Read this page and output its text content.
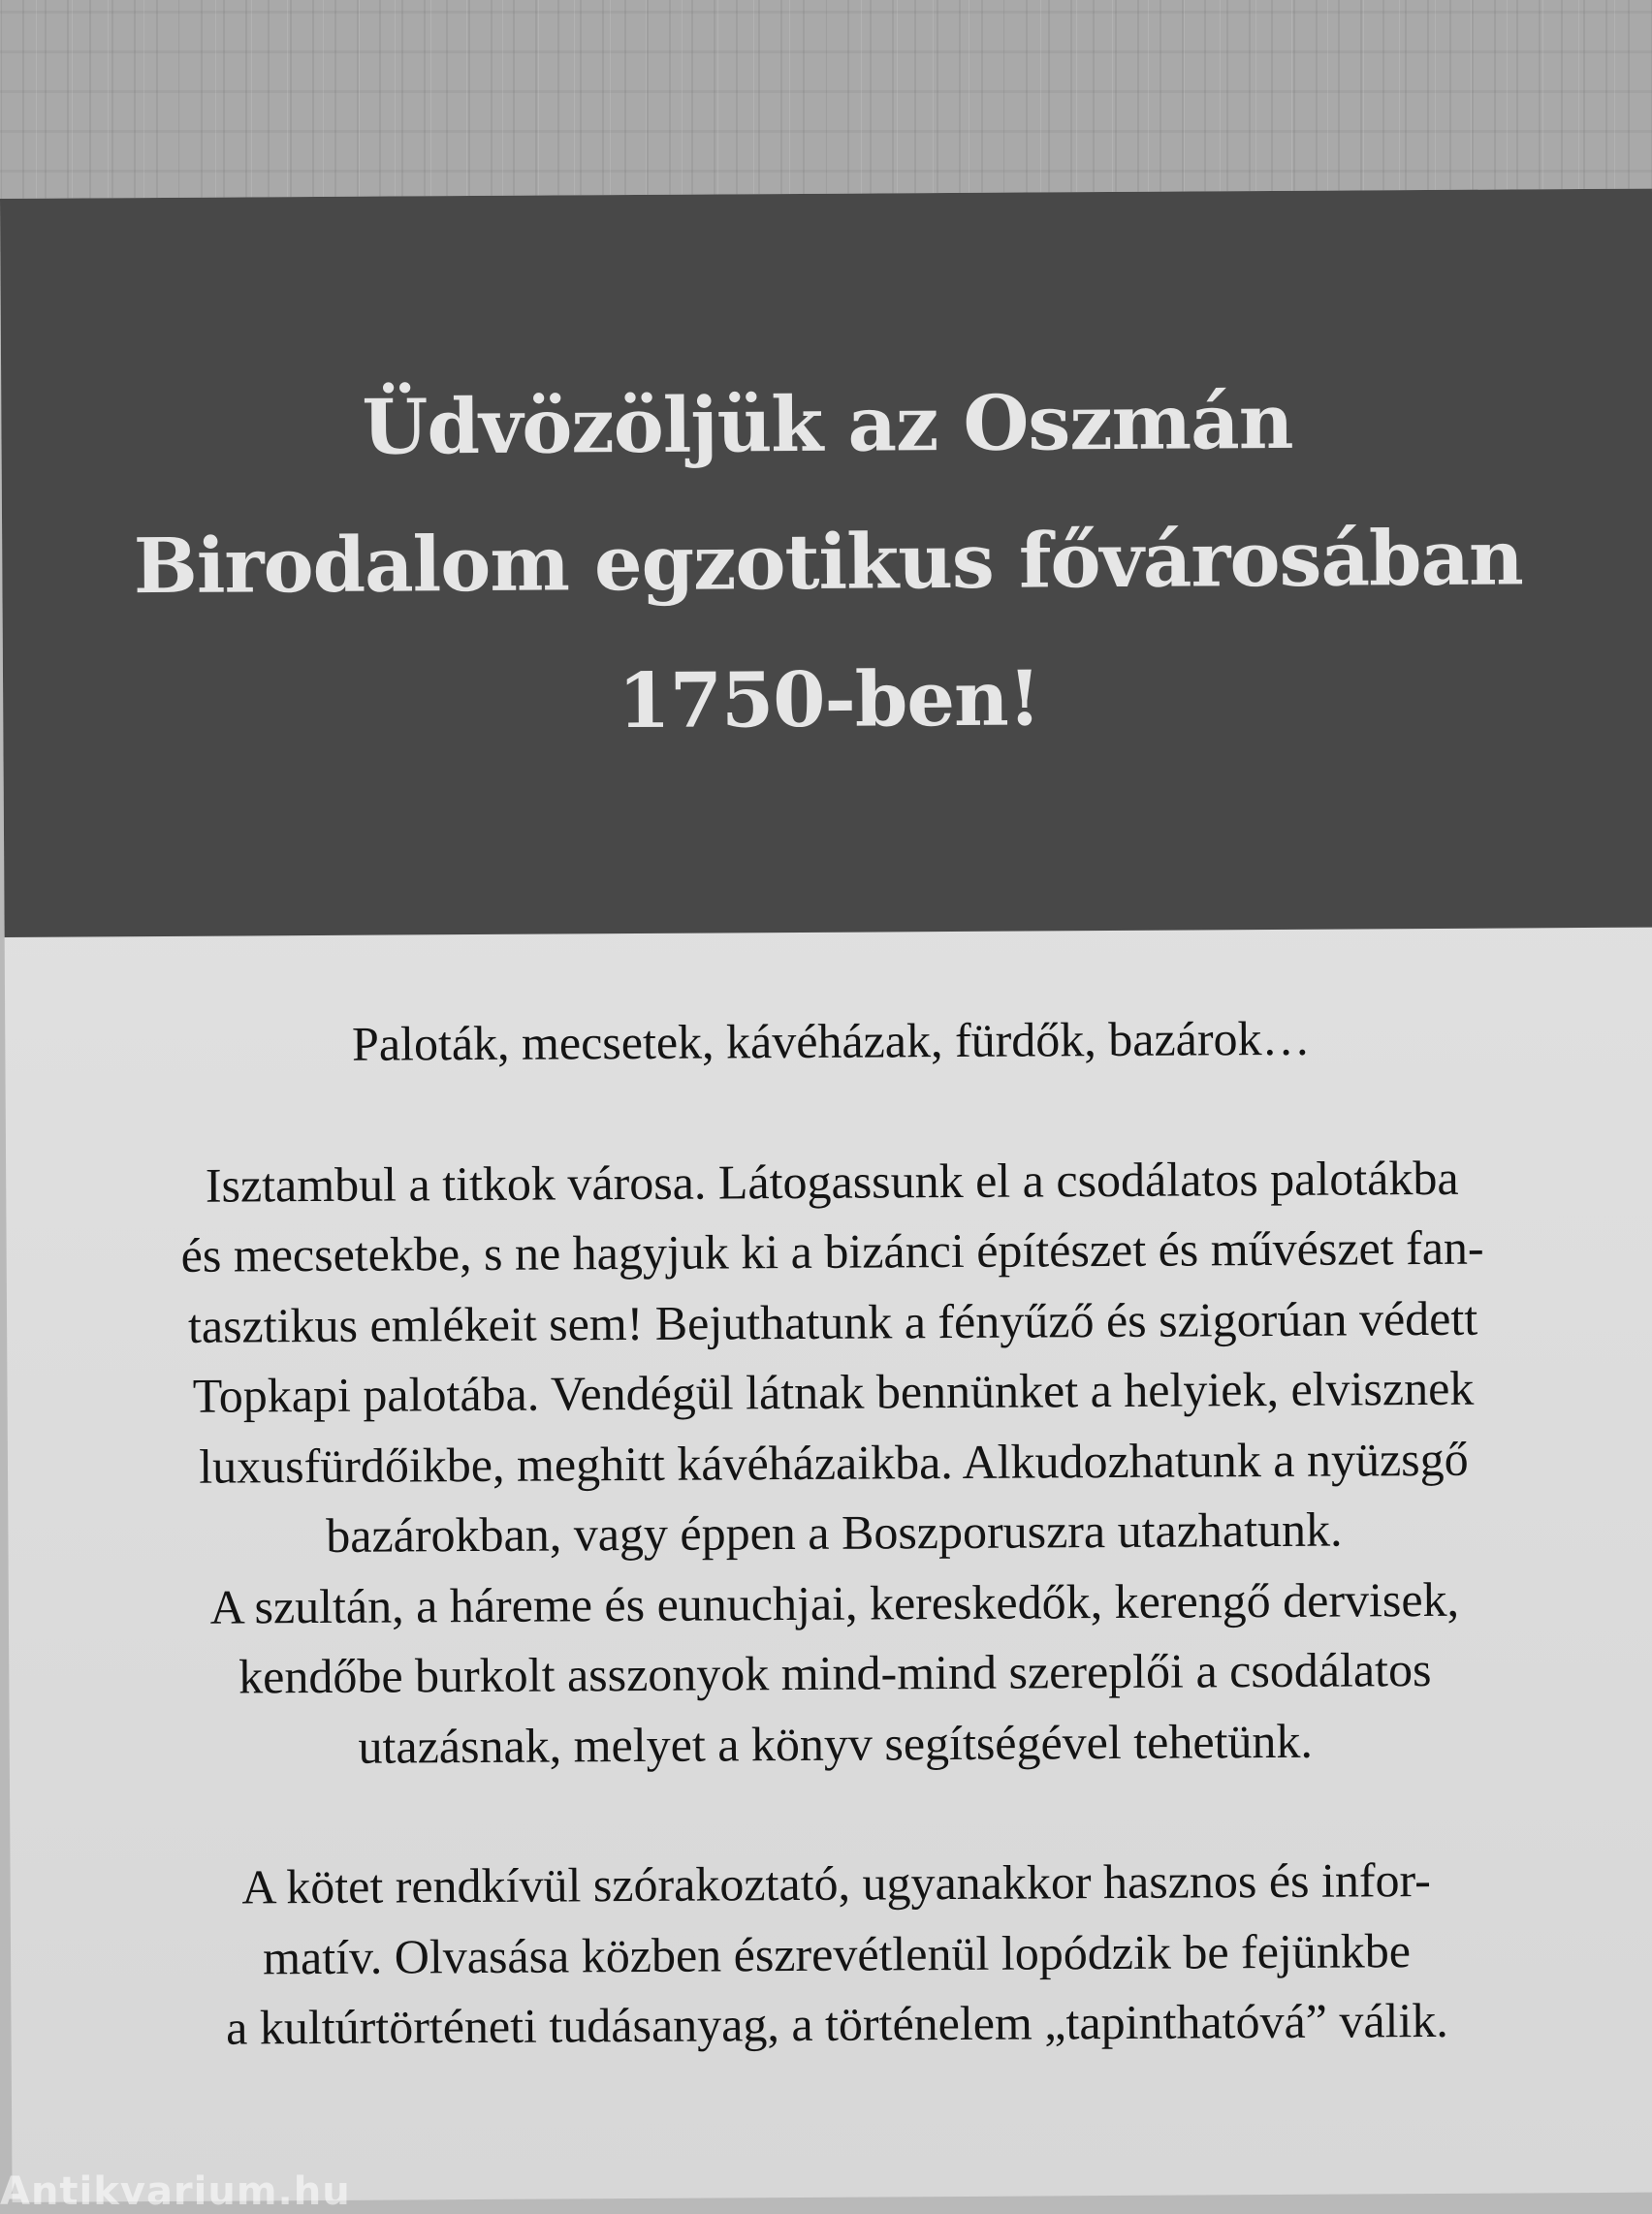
Üdvözöljük az Oszmán
Birodalom egzotikus fővárosában
1750-ben!

Paloták, mecsetek, kávéházak, fürdők, bazárok…

Isztambul a titkok városa. Látogassunk el a csodálatos palotákba
és mecsetekbe, s ne hagyjuk ki a bizánci építészet és művészet fan-
tasztikus emlékeit sem! Bejuthatunk a fényűző és szigorúan védett
Topkapi palotába. Vendégül látnak bennünket a helyiek, elvisznek
luxusfürdőikbe, meghitt kávéházaikba. Alkudozhatunk a nyüzsgő
bazárokban, vagy éppen a Boszporuszra utazhatunk.
A szultán, a háreme és eunuchjai, kereskedők, kerengő dervisek,
kendőbe burkolt asszonyok mind-mind szereplői a csodálatos
utazásnak, melyet a könyv segítségével tehetünk.

A kötet rendkívül szórakoztató, ugyanakkor hasznos és infor-
matív. Olvasása közben észrevétlenül lopódzik be fejünkbe
a kultúrtörténeti tudásanyag, a történelem „tapinthatóvá” válik.

Antikvarium.hu
